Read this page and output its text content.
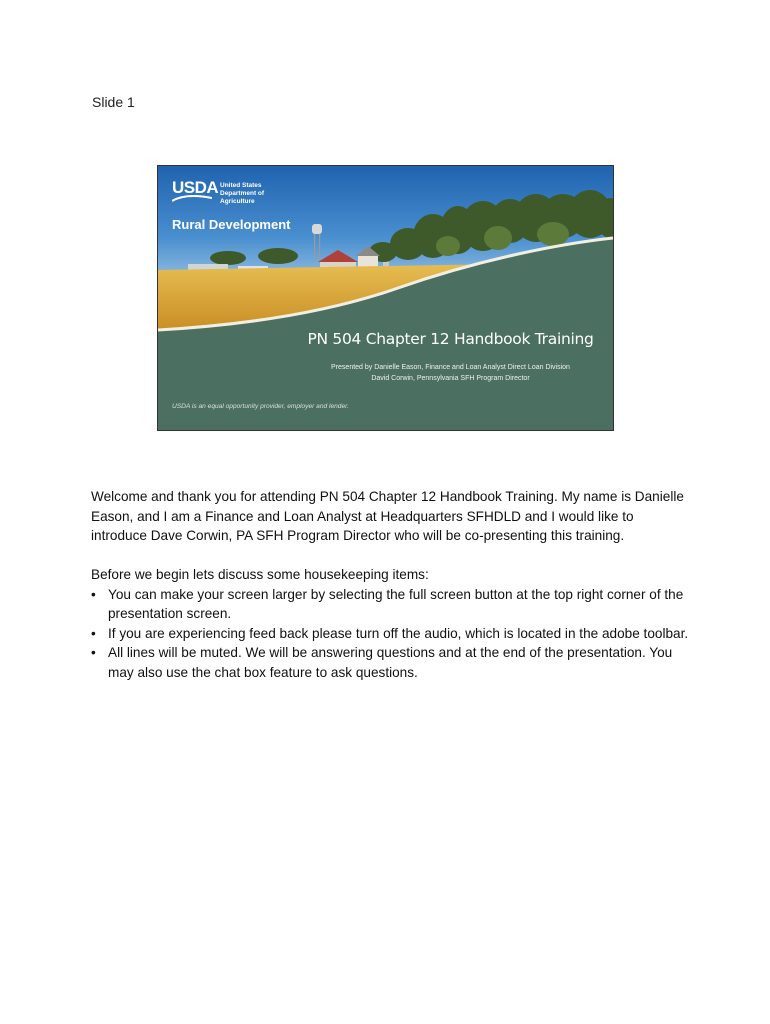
Slide 1
USDA United States
Department of
Agriculture
Rural Development
PN 504 Chapter 12 Handbook Training
Presented by Danielle Eason, Finance and Loan Analyst Direct Loan Division
David Corwin, Pennsylvania SFH Program Director
USDA is an equal opportunity provider, employer and lender.

Welcome and thank you for attending PN 504 Chapter 12 Handbook Training. My name is Danielle Eason, and I am a Finance and Loan Analyst at Headquarters SFHDLD and I would like to introduce Dave Corwin, PA SFH Program Director who will be co-presenting this training.

Before we begin lets discuss some housekeeping items:

• You can make your screen larger by selecting the full screen button at the top right corner of the presentation screen.
• If you are experiencing feed back please turn off the audio, which is located in the adobe toolbar.
• All lines will be muted. We will be answering questions and at the end of the presentation. You may also use the chat box feature to ask questions.
